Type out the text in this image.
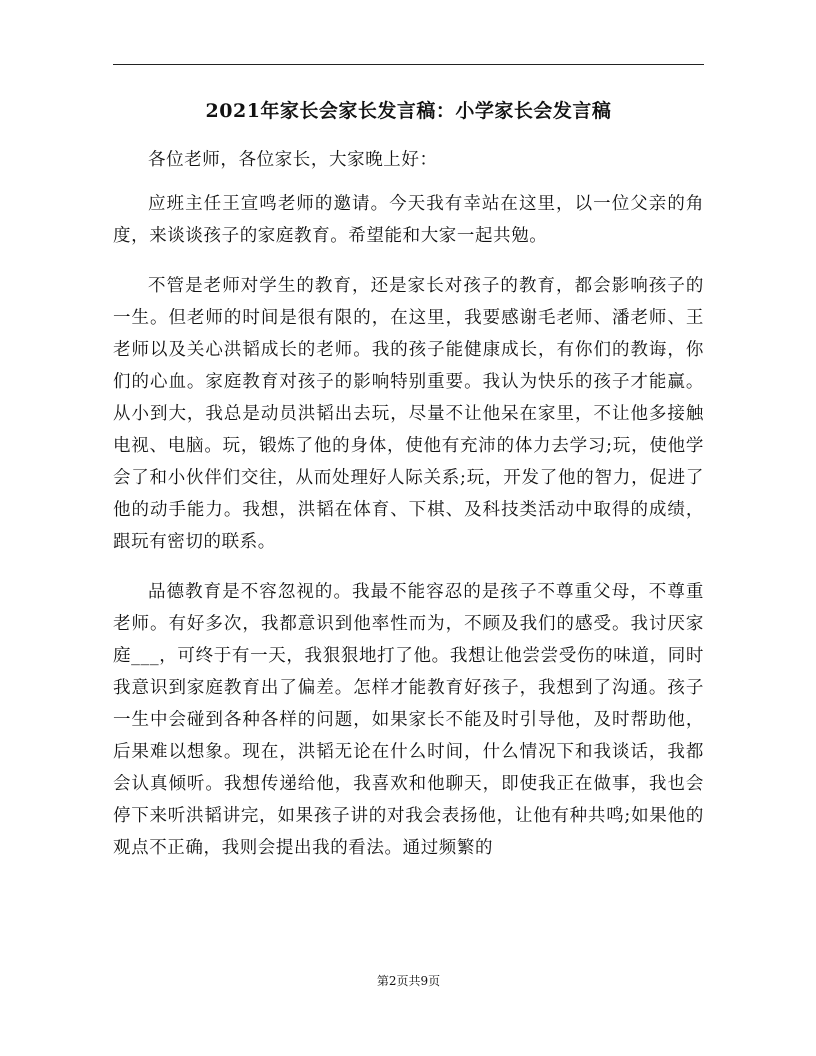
2021年家长会家长发言稿：小学家长会发言稿

各位老师，各位家长，大家晚上好：

应班主任王宣鸣老师的邀请。今天我有幸站在这里，以一位父亲的角度，来谈谈孩子的家庭教育。希望能和大家一起共勉。

不管是老师对学生的教育，还是家长对孩子的教育，都会影响孩子的一生。但老师的时间是很有限的，在这里，我要感谢毛老师、潘老师、王老师以及关心洪韬成长的老师。我的孩子能健康成长，有你们的教诲，你们的心血。家庭教育对孩子的影响特别重要。我认为快乐的孩子才能赢。从小到大，我总是动员洪韬出去玩，尽量不让他呆在家里，不让他多接触电视、电脑。玩，锻炼了他的身体，使他有充沛的体力去学习;玩，使他学会了和小伙伴们交往，从而处理好人际关系;玩，开发了他的智力，促进了他的动手能力。我想，洪韬在体育、下棋、及科技类活动中取得的成绩，跟玩有密切的联系。

品德教育是不容忽视的。我最不能容忍的是孩子不尊重父母，不尊重老师。有好多次，我都意识到他率性而为，不顾及我们的感受。我讨厌家庭___，可终于有一天，我狠狠地打了他。我想让他尝尝受伤的味道，同时我意识到家庭教育出了偏差。怎样才能教育好孩子，我想到了沟通。孩子一生中会碰到各种各样的问题，如果家长不能及时引导他，及时帮助他，后果难以想象。现在，洪韬无论在什么时间，什么情况下和我谈话，我都会认真倾听。我想传递给他，我喜欢和他聊天，即使我正在做事，我也会停下来听洪韬讲完，如果孩子讲的对我会表扬他，让他有种共鸣;如果他的观点不正确，我则会提出我的看法。通过频繁的

第2页共9页
